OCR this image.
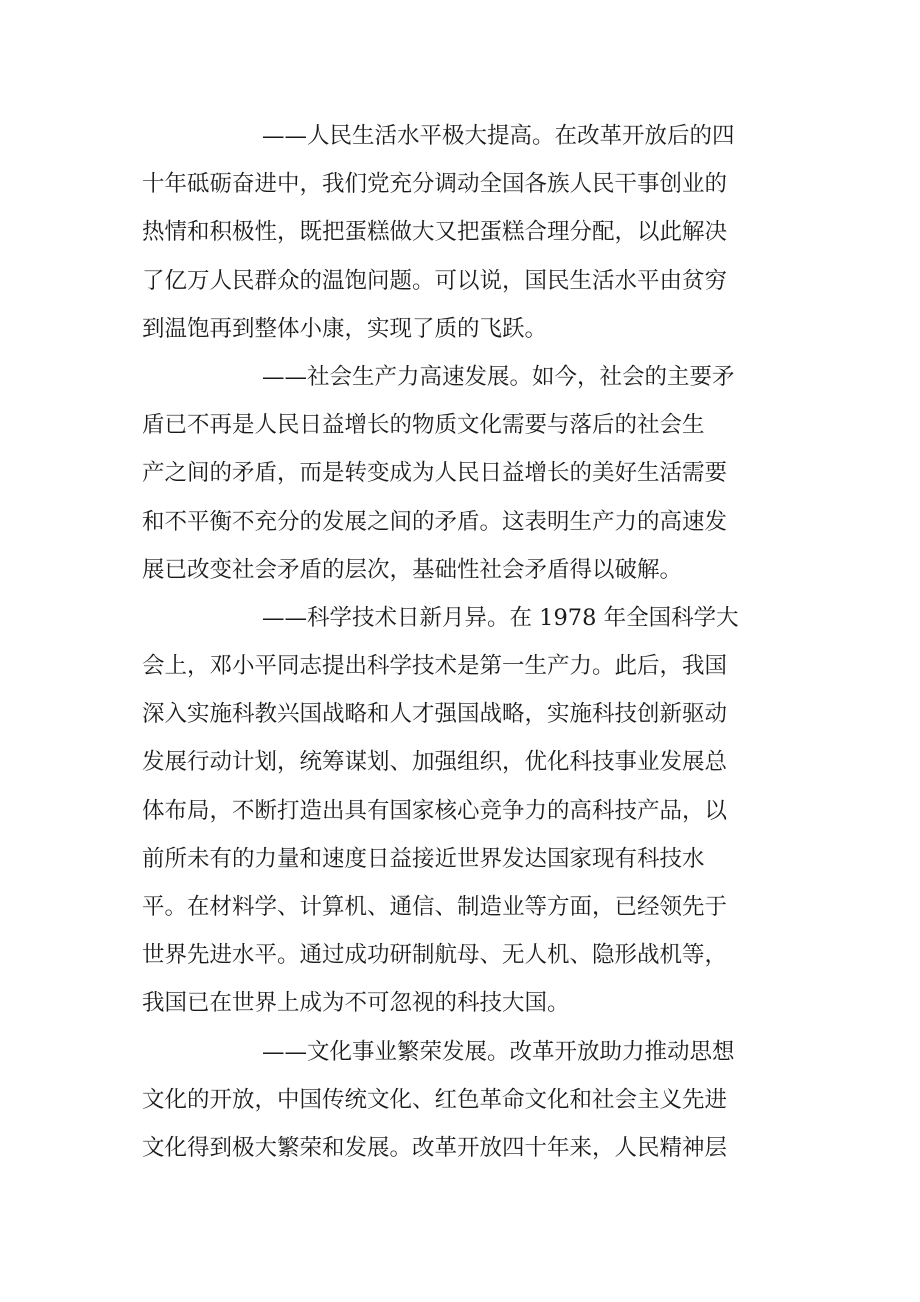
——人民生活水平极大提高。在改革开放后的四
十年砥砺奋进中，我们党充分调动全国各族人民干事创业的
热情和积极性，既把蛋糕做大又把蛋糕合理分配，以此解决
了亿万人民群众的温饱问题。可以说，国民生活水平由贫穷
到温饱再到整体小康，实现了质的飞跃。
——社会生产力高速发展。如今，社会的主要矛
盾已不再是人民日益增长的物质文化需要与落后的社会生
产之间的矛盾，而是转变成为人民日益增长的美好生活需要
和不平衡不充分的发展之间的矛盾。这表明生产力的高速发
展已改变社会矛盾的层次，基础性社会矛盾得以破解。
——科学技术日新月异。在 1978 年全国科学大
会上，邓小平同志提出科学技术是第一生产力。此后，我国
深入实施科教兴国战略和人才强国战略，实施科技创新驱动
发展行动计划，统筹谋划、加强组织，优化科技事业发展总
体布局，不断打造出具有国家核心竞争力的高科技产品，以
前所未有的力量和速度日益接近世界发达国家现有科技水
平。在材料学、计算机、通信、制造业等方面，已经领先于
世界先进水平。通过成功研制航母、无人机、隐形战机等，
我国已在世界上成为不可忽视的科技大国。
——文化事业繁荣发展。改革开放助力推动思想
文化的开放，中国传统文化、红色革命文化和社会主义先进
文化得到极大繁荣和发展。改革开放四十年来，人民精神层
